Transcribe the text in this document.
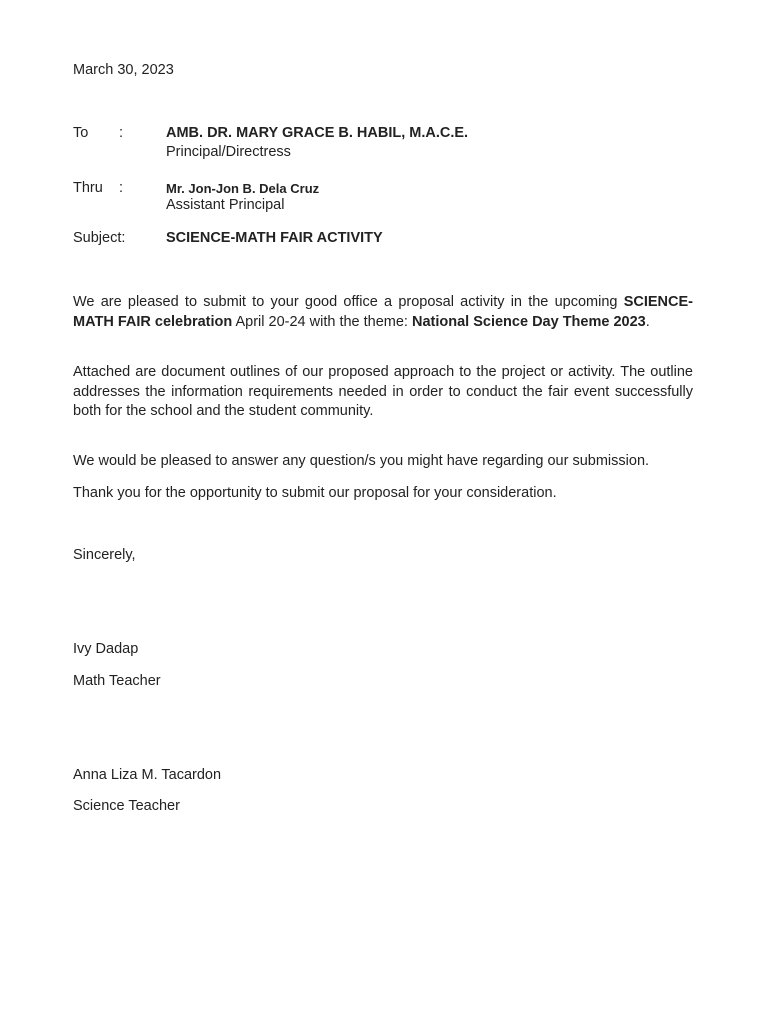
March 30, 2023
To :	AMB. DR. MARY GRACE B. HABIL, M.A.C.E.
Principal/Directress
Thru :	Mr. Jon-Jon B. Dela Cruz
Assistant Principal
Subject:	SCIENCE-MATH FAIR ACTIVITY
We are pleased to submit to your good office a proposal activity in the upcoming SCIENCE-MATH FAIR celebration April 20-24 with the theme: National Science Day Theme 2023.
Attached are document outlines of our proposed approach to the project or activity. The outline addresses the information requirements needed in order to conduct the fair event successfully both for the school and the student community.
We would be pleased to answer any question/s you might have regarding our submission.
Thank you for the opportunity to submit our proposal for your consideration.
Sincerely,
Ivy Dadap
Math Teacher
Anna Liza M. Tacardon
Science Teacher
